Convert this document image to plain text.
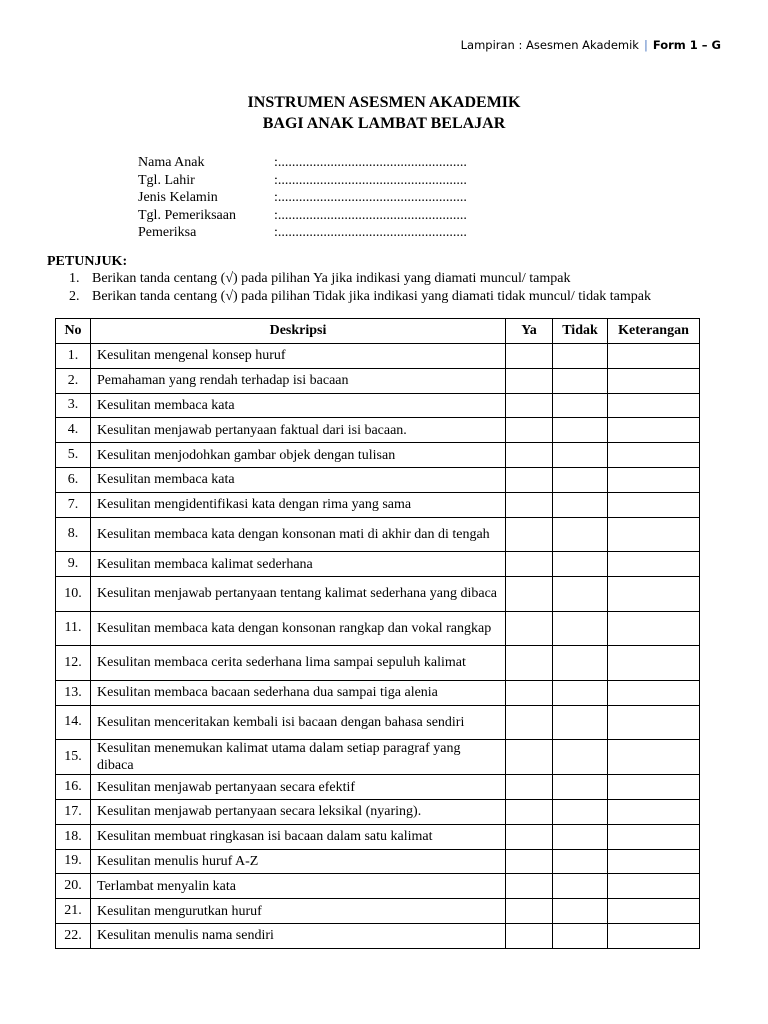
Lampiran : Asesmen Akademik | Form 1 – G
INSTRUMEN ASESMEN AKADEMIK
BAGI ANAK LAMBAT BELAJAR
Nama Anak	:......................................................
Tgl. Lahir	:......................................................
Jenis Kelamin	:......................................................
Tgl. Pemeriksaan	:......................................................
Pemeriksa	:......................................................
PETUNJUK:
1. Berikan tanda centang (√) pada pilihan Ya jika indikasi yang diamati muncul/ tampak
2. Berikan tanda centang (√) pada pilihan Tidak jika indikasi yang diamati tidak muncul/ tidak tampak
No	Deskripsi	Ya	Tidak	Keterangan
1.	Kesulitan mengenal konsep huruf			
2.	Pemahaman yang rendah terhadap isi bacaan			
3.	Kesulitan membaca kata			
4.	Kesulitan menjawab pertanyaan faktual dari isi bacaan.			
5.	Kesulitan menjodohkan gambar objek dengan tulisan			
6.	Kesulitan membaca kata			
7.	Kesulitan mengidentifikasi kata dengan rima yang sama			
8.	Kesulitan membaca kata dengan konsonan mati di akhir dan di tengah			
9.	Kesulitan membaca kalimat sederhana			
10.	Kesulitan menjawab pertanyaan tentang kalimat sederhana yang dibaca			
11.	Kesulitan membaca kata dengan konsonan rangkap dan vokal rangkap			
12.	Kesulitan membaca cerita sederhana lima sampai sepuluh kalimat			
13.	Kesulitan membaca bacaan sederhana dua sampai tiga alenia			
14.	Kesulitan menceritakan kembali isi bacaan dengan bahasa sendiri			
15.	Kesulitan menemukan kalimat utama dalam setiap paragraf yang dibaca			
16.	Kesulitan menjawab pertanyaan secara efektif			
17.	Kesulitan menjawab pertanyaan secara leksikal (nyaring).			
18.	Kesulitan membuat ringkasan isi bacaan dalam satu kalimat			
19.	Kesulitan menulis huruf A-Z			
20.	Terlambat menyalin kata			
21.	Kesulitan mengurutkan huruf			
22.	Kesulitan menulis nama sendiri			
